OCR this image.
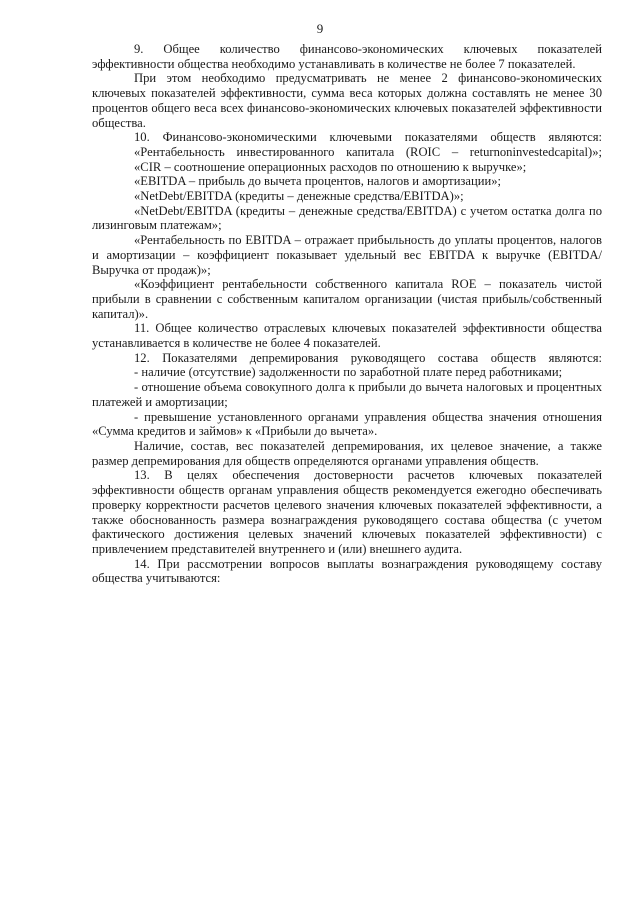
9

9. Общее количество финансово-экономических ключевых показателей эффективности общества необходимо устанавливать в количестве не более 7 показателей.

При этом необходимо предусматривать не менее 2 финансово-экономических ключевых показателей эффективности, сумма веса которых должна составлять не менее 30 процентов общего веса всех финансово-экономических ключевых показателей эффективности общества.

10. Финансово-экономическими ключевыми показателями обществ являются:

«Рентабельность инвестированного капитала (ROIC – returnoninvestedcapital)»;

«CIR – соотношение операционных расходов по отношению к выручке»;

«EBITDA – прибыль до вычета процентов, налогов и амортизации»;

«NetDebt/EBITDA (кредиты – денежные средства/EBITDA)»;

«NetDebt/EBITDA (кредиты – денежные средства/EBITDA) с учетом остатка долга по лизинговым платежам»;

«Рентабельность по EBITDA – отражает прибыльность до уплаты процентов, налогов и амортизации – коэффициент показывает удельный вес EBITDA к выручке (EBITDA/Выручка от продаж)»;

«Коэффициент рентабельности собственного капитала ROE – показатель чистой прибыли в сравнении с собственным капиталом организации (чистая прибыль/собственный капитал)».

11. Общее количество отраслевых ключевых показателей эффективности общества устанавливается в количестве не более 4 показателей.

12. Показателями депремирования руководящего состава обществ являются:

- наличие (отсутствие) задолженности по заработной плате перед работниками;

- отношение объема совокупного долга к прибыли до вычета налоговых и процентных платежей и амортизации;

- превышение установленного органами управления общества значения отношения «Сумма кредитов и займов» к «Прибыли до вычета».

Наличие, состав, вес показателей депремирования, их целевое значение, а также размер депремирования для обществ определяются органами управления обществ.

13. В целях обеспечения достоверности расчетов ключевых показателей эффективности обществ органам управления обществ рекомендуется ежегодно обеспечивать проверку корректности расчетов целевого значения ключевых показателей эффективности, а также обоснованность размера вознаграждения руководящего состава общества (с учетом фактического достижения целевых значений ключевых показателей эффективности) с привлечением представителей внутреннего и (или) внешнего аудита.

14. При рассмотрении вопросов выплаты вознаграждения руководящему составу общества учитываются:
